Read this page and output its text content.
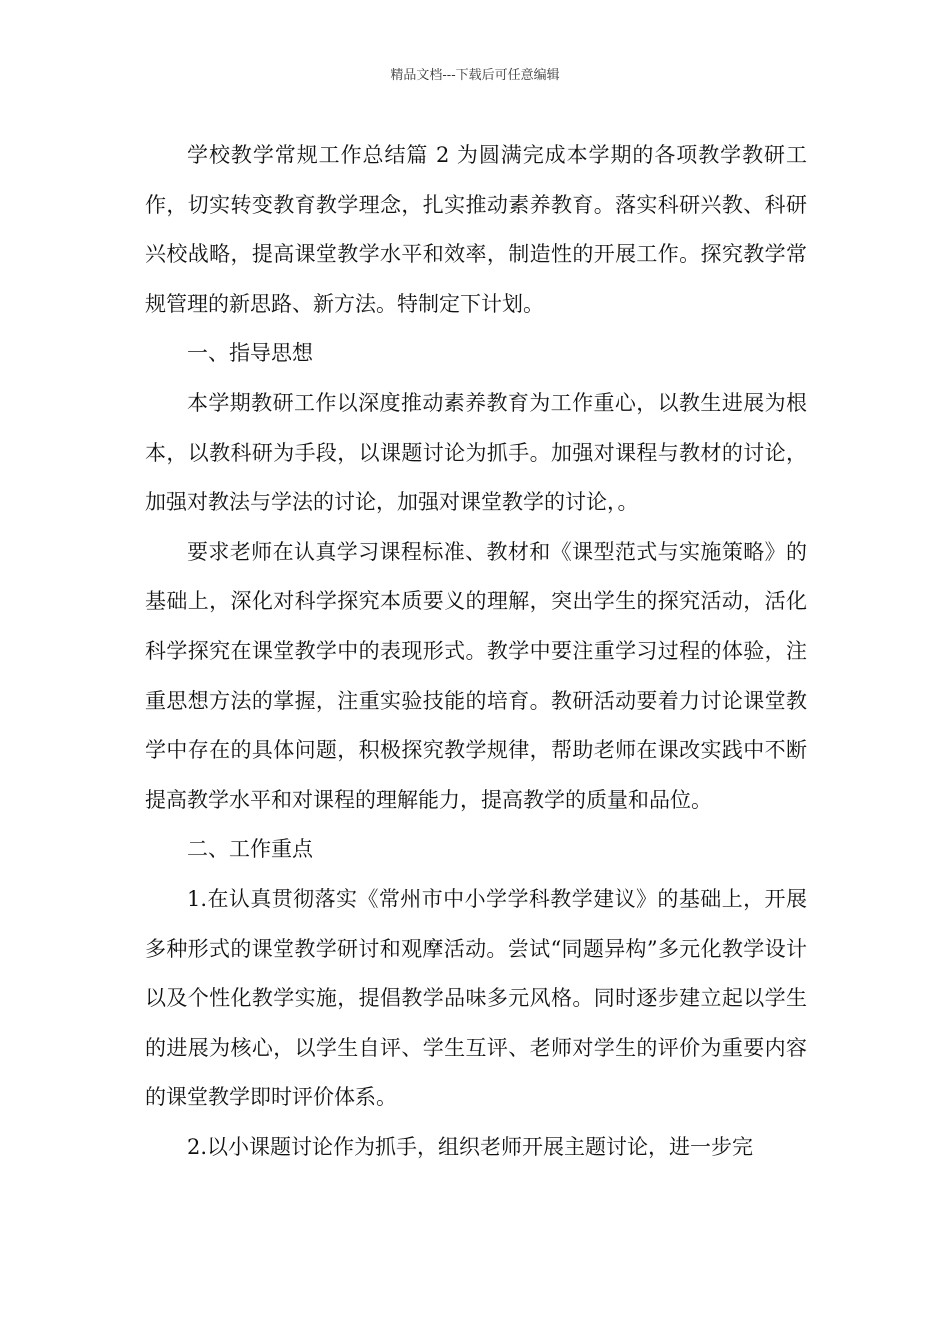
精品文档---下载后可任意编辑

学校教学常规工作总结篇 2 为圆满完成本学期的各项教学教研工作，切实转变教育教学理念，扎实推动素养教育。落实科研兴教、科研兴校战略，提高课堂教学水平和效率，制造性的开展工作。探究教学常规管理的新思路、新方法。特制定下计划。

一、指导思想

本学期教研工作以深度推动素养教育为工作重心，以教生进展为根本，以教科研为手段，以课题讨论为抓手。加强对课程与教材的讨论，加强对教法与学法的讨论，加强对课堂教学的讨论，。

要求老师在认真学习课程标准、教材和《课型范式与实施策略》的基础上，深化对科学探究本质要义的理解，突出学生的探究活动，活化科学探究在课堂教学中的表现形式。教学中要注重学习过程的体验，注重思想方法的掌握，注重实验技能的培育。教研活动要着力讨论课堂教学中存在的具体问题，积极探究教学规律，帮助老师在课改实践中不断提高教学水平和对课程的理解能力，提高教学的质量和品位。

二、工作重点

1.在认真贯彻落实《常州市中小学学科教学建议》的基础上，开展多种形式的课堂教学研讨和观摩活动。尝试“同题异构”多元化教学设计以及个性化教学实施，提倡教学品味多元风格。同时逐步建立起以学生的进展为核心，以学生自评、学生互评、老师对学生的评价为重要内容的课堂教学即时评价体系。

2.以小课题讨论作为抓手，组织老师开展主题讨论，进一步完
